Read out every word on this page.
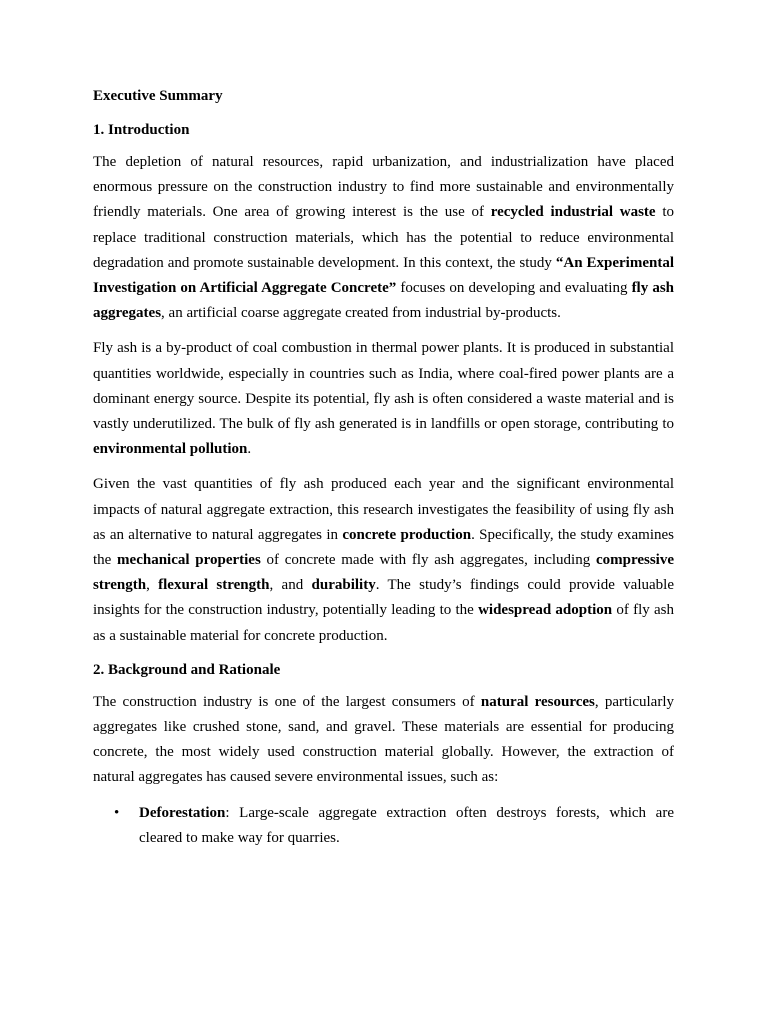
Executive Summary
1. Introduction

The depletion of natural resources, rapid urbanization, and industrialization have placed enormous pressure on the construction industry to find more sustainable and environmentally friendly materials. One area of growing interest is the use of recycled industrial waste to replace traditional construction materials, which has the potential to reduce environmental degradation and promote sustainable development. In this context, the study “An Experimental Investigation on Artificial Aggregate Concrete” focuses on developing and evaluating fly ash aggregates, an artificial coarse aggregate created from industrial by-products.

Fly ash is a by-product of coal combustion in thermal power plants. It is produced in substantial quantities worldwide, especially in countries such as India, where coal-fired power plants are a dominant energy source. Despite its potential, fly ash is often considered a waste material and is vastly underutilized. The bulk of fly ash generated is in landfills or open storage, contributing to environmental pollution.

Given the vast quantities of fly ash produced each year and the significant environmental impacts of natural aggregate extraction, this research investigates the feasibility of using fly ash as an alternative to natural aggregates in concrete production. Specifically, the study examines the mechanical properties of concrete made with fly ash aggregates, including compressive strength, flexural strength, and durability. The study’s findings could provide valuable insights for the construction industry, potentially leading to the widespread adoption of fly ash as a sustainable material for concrete production.

2. Background and Rationale

The construction industry is one of the largest consumers of natural resources, particularly aggregates like crushed stone, sand, and gravel. These materials are essential for producing concrete, the most widely used construction material globally. However, the extraction of natural aggregates has caused severe environmental issues, such as:

• Deforestation: Large-scale aggregate extraction often destroys forests, which are cleared to make way for quarries.
